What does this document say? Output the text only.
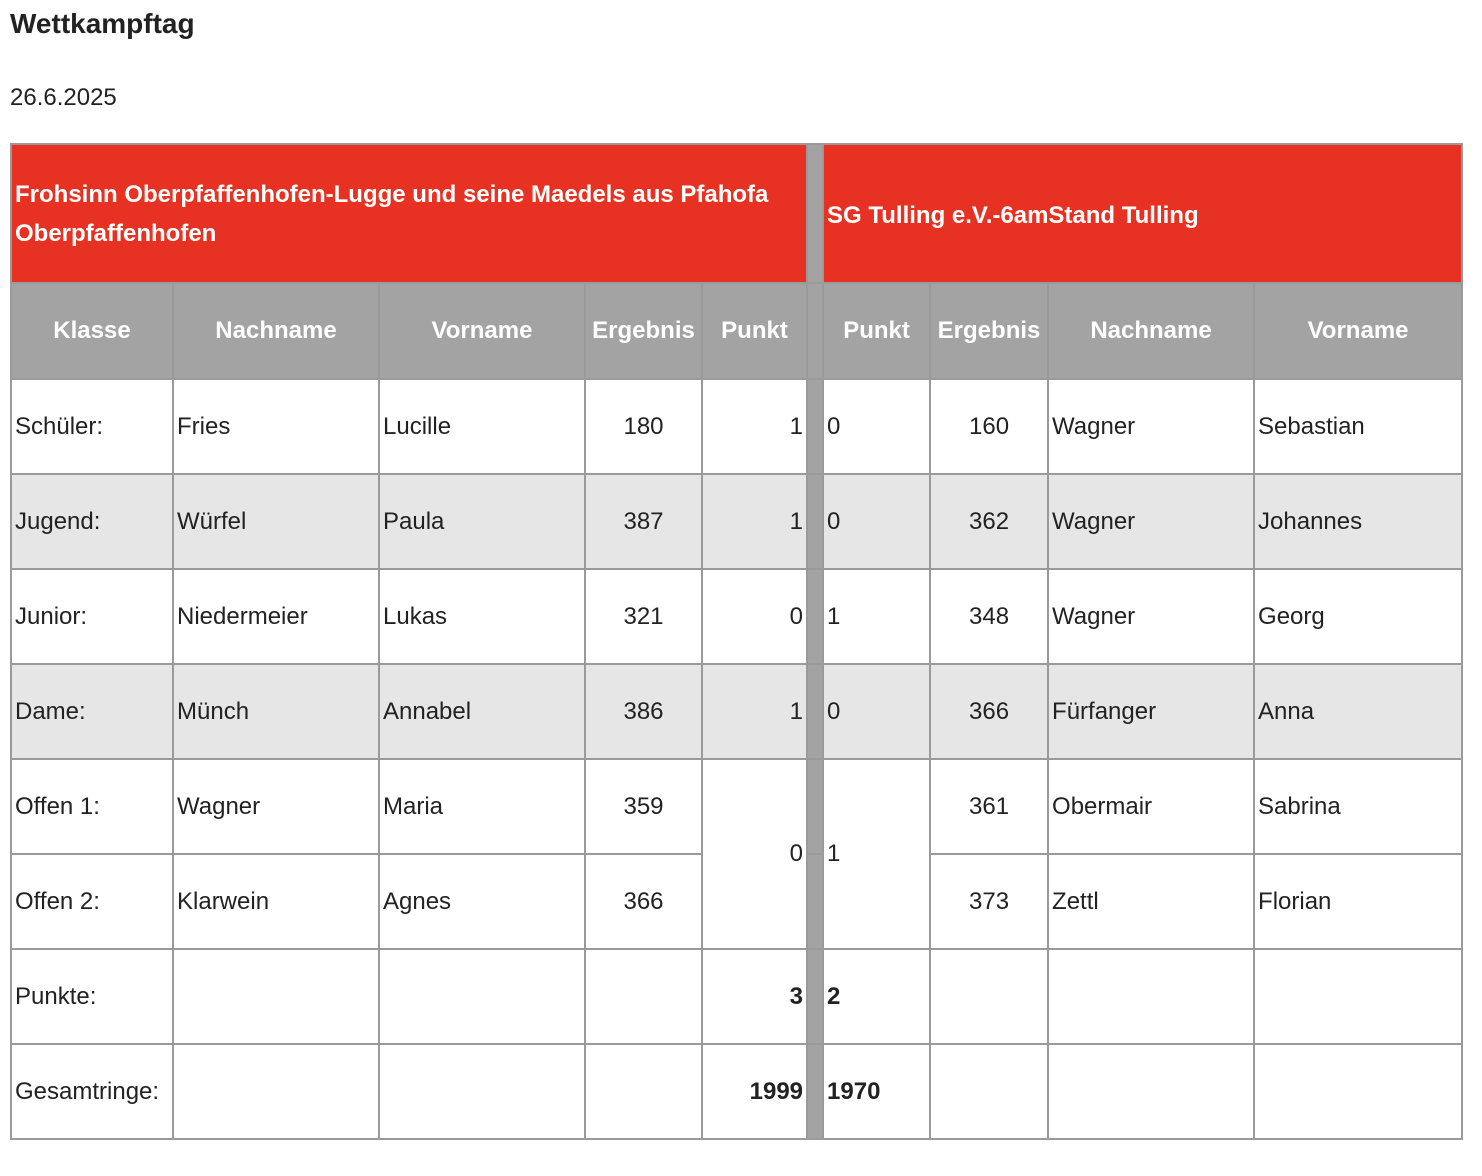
Wettkampftag
26.6.2025
Frohsinn Oberpfaffenhofen-Lugge und seine Maedels aus Pfahofa Oberpfaffenhofen						SG Tulling e.V.-6amStand Tulling			
Klasse	Nachname	Vorname	Ergebnis	Punkt		Punkt	Ergebnis	Nachname	Vorname
Schüler:	Fries	Lucille	180	1		0	160	Wagner	Sebastian
Jugend:	Würfel	Paula	387	1		0	362	Wagner	Johannes
Junior:	Niedermeier	Lukas	321	0		1	348	Wagner	Georg
Dame:	Münch	Annabel	386	1		0	366	Fürfanger	Anna
Offen 1:	Wagner	Maria	359	0		1	361	Obermair	Sabrina
Offen 2:	Klarwein	Agnes	366				373	Zettl	Florian
Punkte:				3		2			
Gesamtringe:				1999		1970			
